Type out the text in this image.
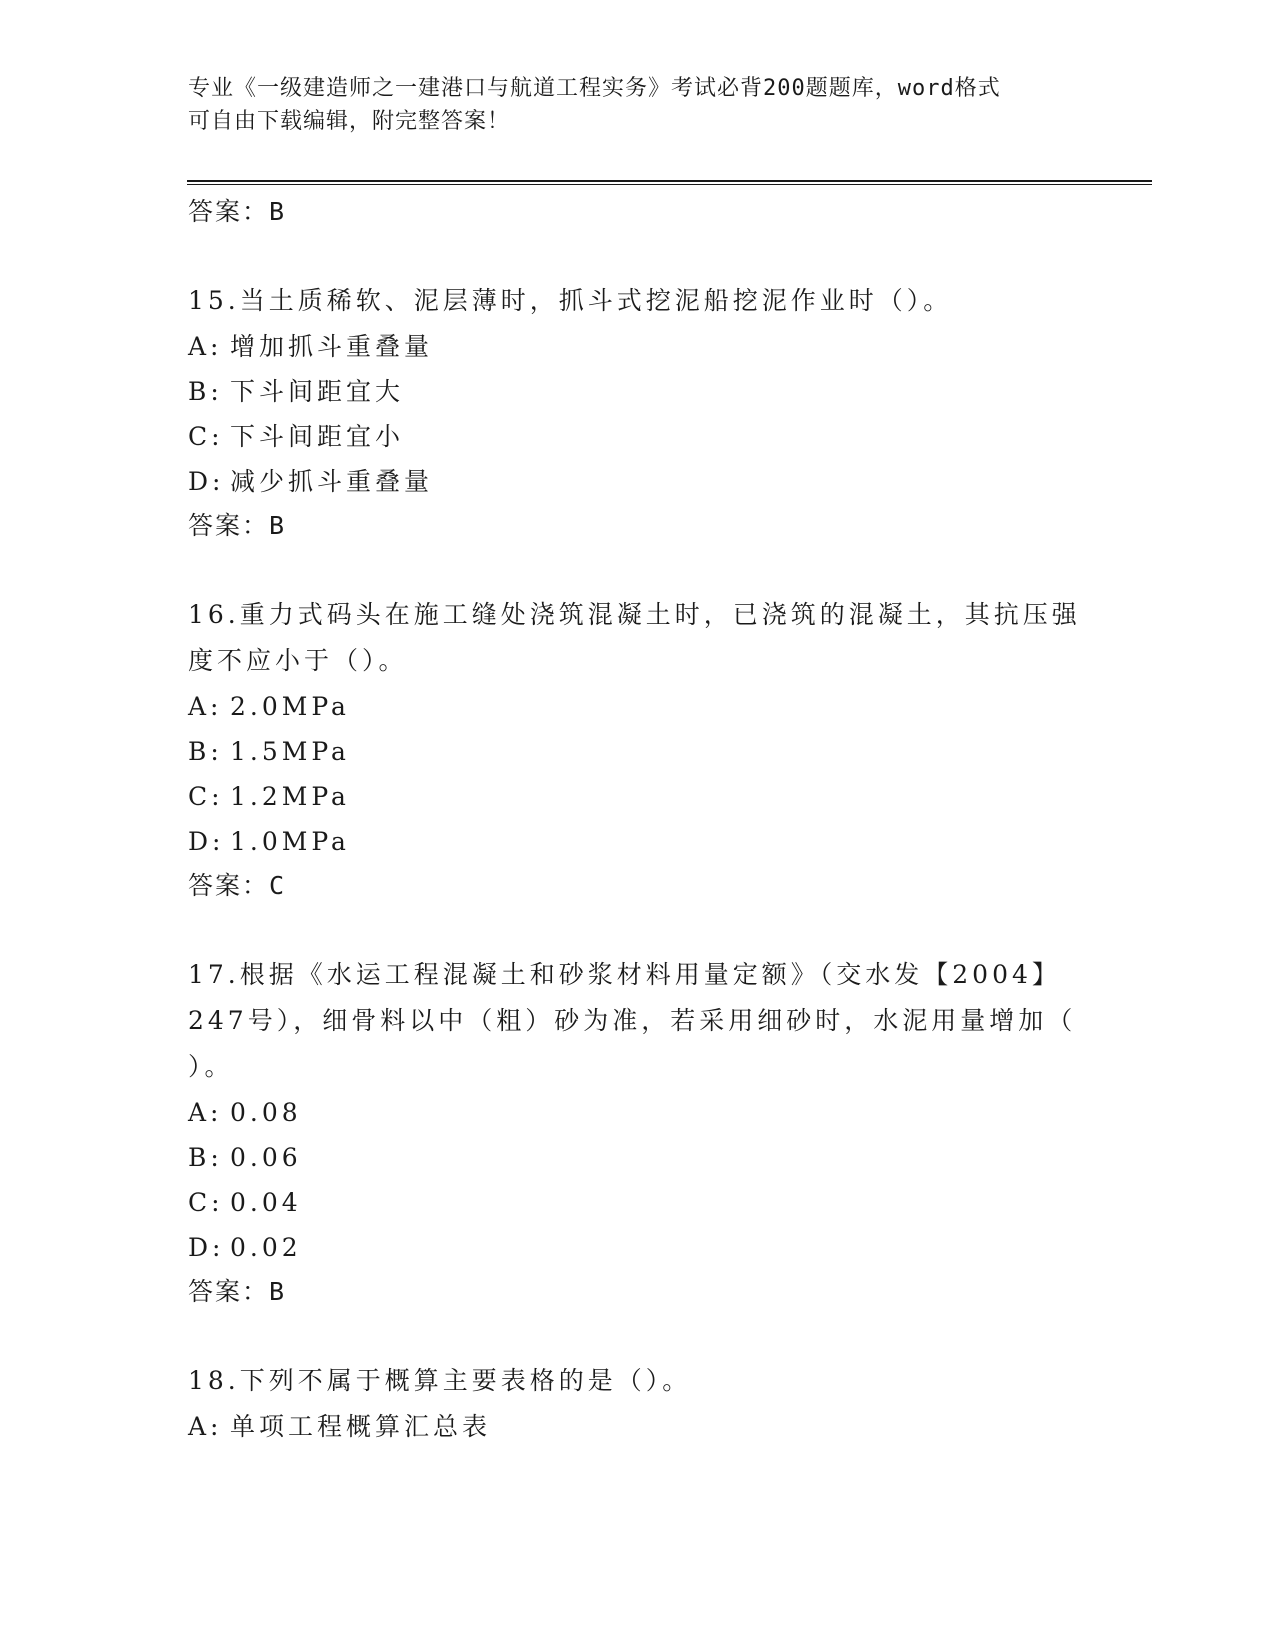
专业《一级建造师之一建港口与航道工程实务》考试必背200题题库，word格式
可自由下载编辑，附完整答案！
答案：B

15.当土质稀软、泥层薄时，抓斗式挖泥船挖泥作业时（）。

A: 增加抓斗重叠量
B: 下斗间距宜大
C: 下斗间距宜小
D: 减少抓斗重叠量
答案：B

16.重力式码头在施工缝处浇筑混凝土时，已浇筑的混凝土，其抗压强
度不应小于（）。

A: 2.0MPa
B: 1.5MPa
C: 1.2MPa
D: 1.0MPa
答案：C

17.根据《水运工程混凝土和砂浆材料用量定额》（交水发【2004】
247号），细骨料以中（粗）砂为准，若采用细砂时，水泥用量增加（
）。

A: 0.08
B: 0.06
C: 0.04
D: 0.02
答案：B

18.下列不属于概算主要表格的是（）。

A: 单项工程概算汇总表
